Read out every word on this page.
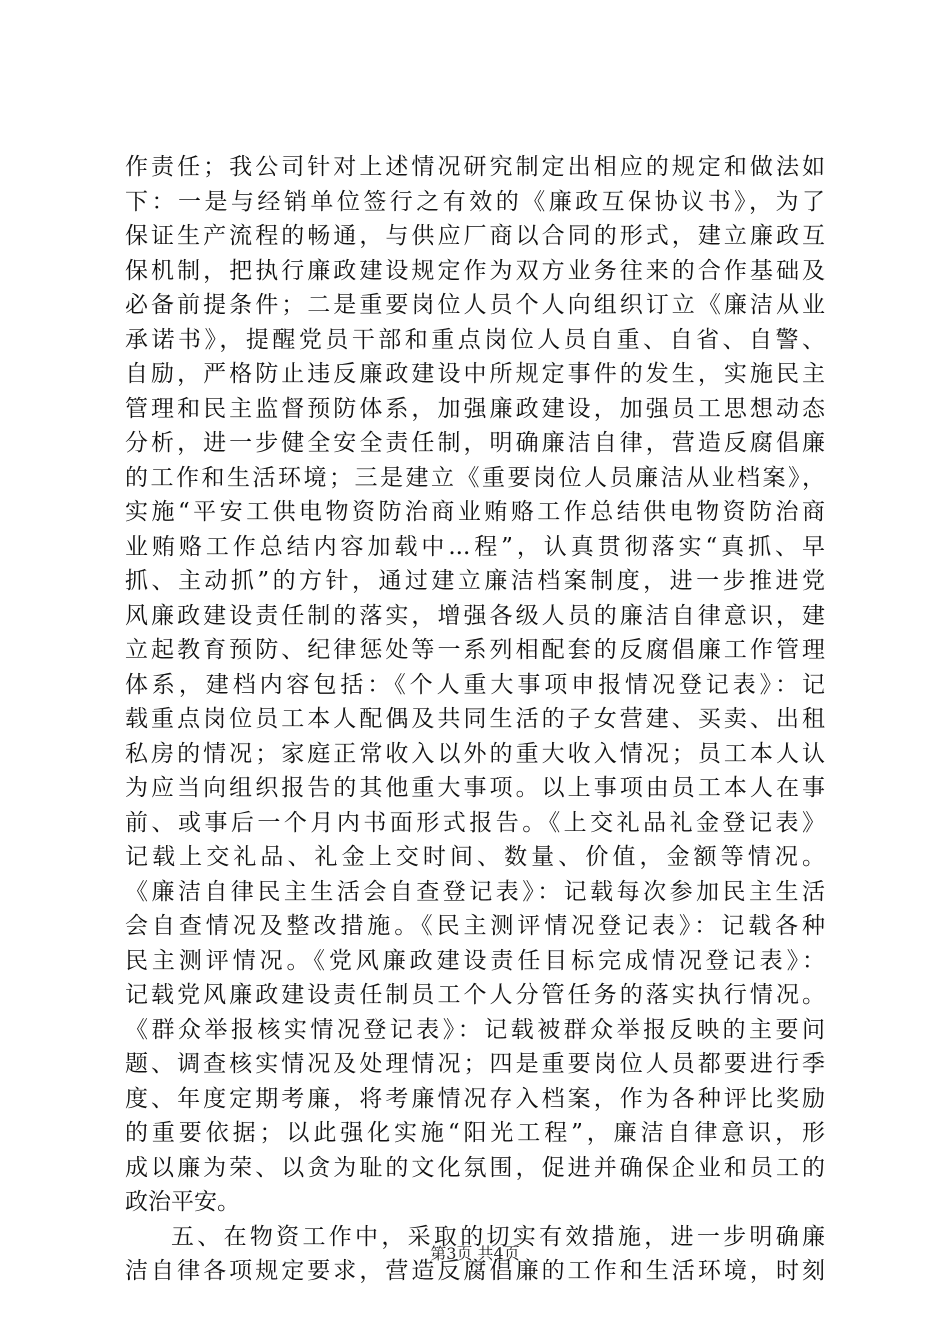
作责任；我公司针对上述情况研究制定出相应的规定和做法如
下：一是与经销单位签行之有效的《廉政互保协议书》，为了
保证生产流程的畅通，与供应厂商以合同的形式，建立廉政互
保机制，把执行廉政建设规定作为双方业务往来的合作基础及
必备前提条件；二是重要岗位人员个人向组织订立《廉洁从业
承诺书》，提醒党员干部和重点岗位人员自重、自省、自警、
自励，严格防止违反廉政建设中所规定事件的发生，实施民主
管理和民主监督预防体系，加强廉政建设，加强员工思想动态
分析，进一步健全安全责任制，明确廉洁自律，营造反腐倡廉
的工作和生活环境；三是建立《重要岗位人员廉洁从业档案》，
实施“平安工供电物资防治商业贿赂工作总结供电物资防治商
业贿赂工作总结内容加载中...程”，认真贯彻落实“真抓、早
抓、主动抓”的方针，通过建立廉洁档案制度，进一步推进党
风廉政建设责任制的落实，增强各级人员的廉洁自律意识，建
立起教育预防、纪律惩处等一系列相配套的反腐倡廉工作管理
体系，建档内容包括：《个人重大事项申报情况登记表》：记
载重点岗位员工本人配偶及共同生活的子女营建、买卖、出租
私房的情况；家庭正常收入以外的重大收入情况；员工本人认
为应当向组织报告的其他重大事项。以上事项由员工本人在事
前、或事后一个月内书面形式报告。《上交礼品礼金登记表》
记载上交礼品、礼金上交时间、数量、价值，金额等情况。
《廉洁自律民主生活会自查登记表》：记载每次参加民主生活
会自查情况及整改措施。《民主测评情况登记表》：记载各种
民主测评情况。《党风廉政建设责任目标完成情况登记表》：
记载党风廉政建设责任制员工个人分管任务的落实执行情况。
《群众举报核实情况登记表》：记载被群众举报反映的主要问
题、调查核实情况及处理情况；四是重要岗位人员都要进行季
度、年度定期考廉，将考廉情况存入档案，作为各种评比奖励
的重要依据；以此强化实施“阳光工程”，廉洁自律意识，形
成以廉为荣、以贪为耻的文化氛围，促进并确保企业和员工的
政治平安。
五、在物资工作中，采取的切实有效措施，进一步明确廉
洁自律各项规定要求，营造反腐倡廉的工作和生活环境，时刻
第3页 共4页
